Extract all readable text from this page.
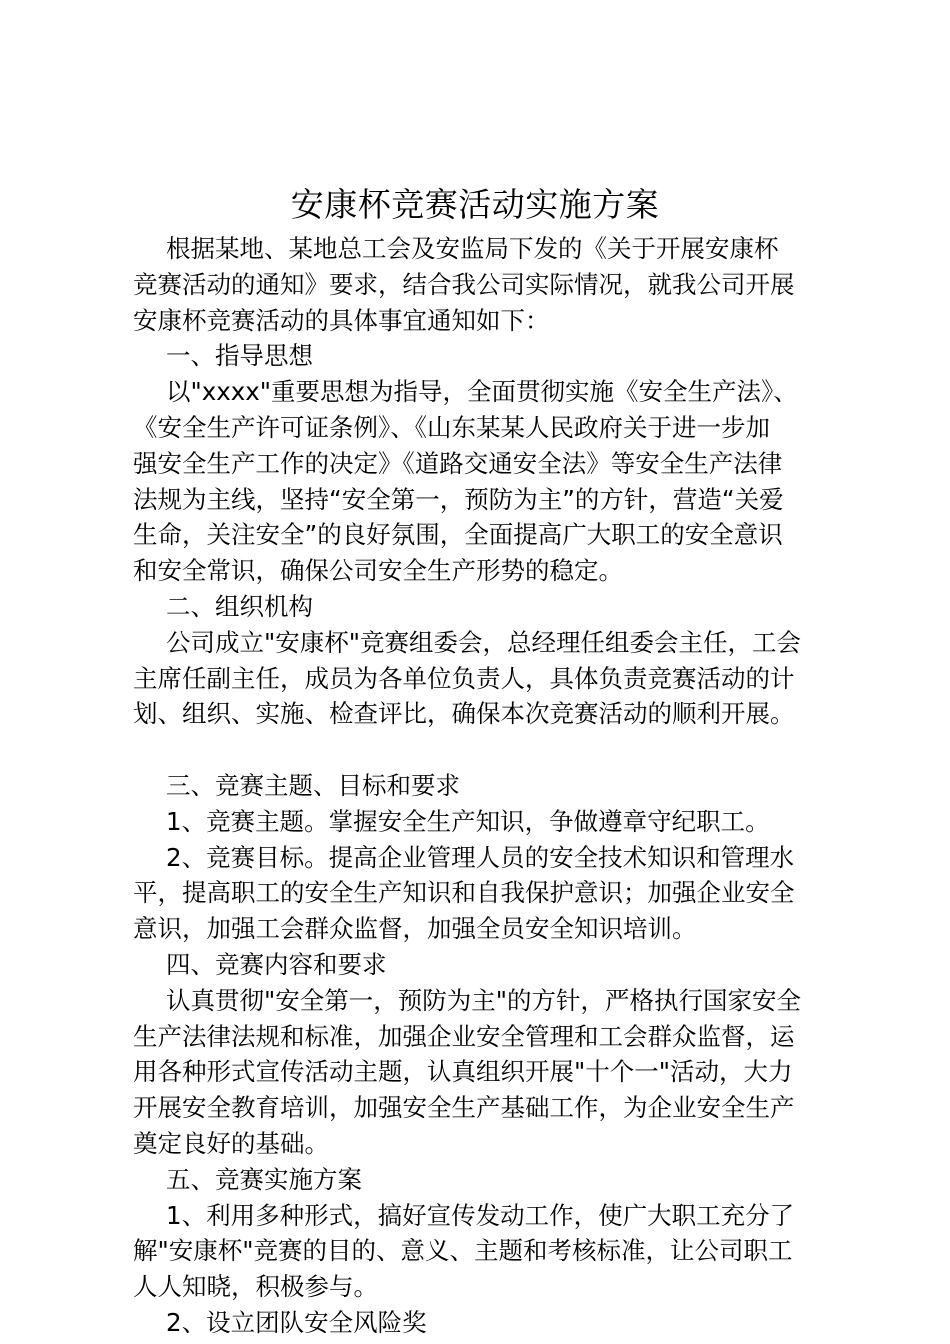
安康杯竞赛活动实施方案
根据某地、某地总工会及安监局下发的《关于开展安康杯
竞赛活动的通知》要求，结合我公司实际情况，就我公司开展
安康杯竞赛活动的具体事宜通知如下：
一、指导思想
以"xxxx"重要思想为指导，全面贯彻实施《安全生产法》、
《安全生产许可证条例》、《山东某某人民政府关于进一步加
强安全生产工作的决定》《道路交通安全法》等安全生产法律
法规为主线，坚持“安全第一，预防为主”的方针，营造“关爱
生命，关注安全”的良好氛围，全面提高广大职工的安全意识
和安全常识，确保公司安全生产形势的稳定。
二、组织机构
公司成立"安康杯"竞赛组委会，总经理任组委会主任，工会
主席任副主任，成员为各单位负责人，具体负责竞赛活动的计
划、组织、实施、检查评比，确保本次竞赛活动的顺利开展。
三、竞赛主题、目标和要求
1、竞赛主题。掌握安全生产知识，争做遵章守纪职工。
2、竞赛目标。提高企业管理人员的安全技术知识和管理水
平，提高职工的安全生产知识和自我保护意识；加强企业安全
意识，加强工会群众监督，加强全员安全知识培训。
四、竞赛内容和要求
认真贯彻"安全第一，预防为主"的方针，严格执行国家安全
生产法律法规和标准，加强企业安全管理和工会群众监督，运
用各种形式宣传活动主题，认真组织开展"十个一"活动，大力
开展安全教育培训，加强安全生产基础工作，为企业安全生产
奠定良好的基础。
五、竞赛实施方案
1、利用多种形式，搞好宣传发动工作，使广大职工充分了
解"安康杯"竞赛的目的、意义、主题和考核标准，让公司职工
人人知晓，积极参与。
2、设立团队安全风险奖
